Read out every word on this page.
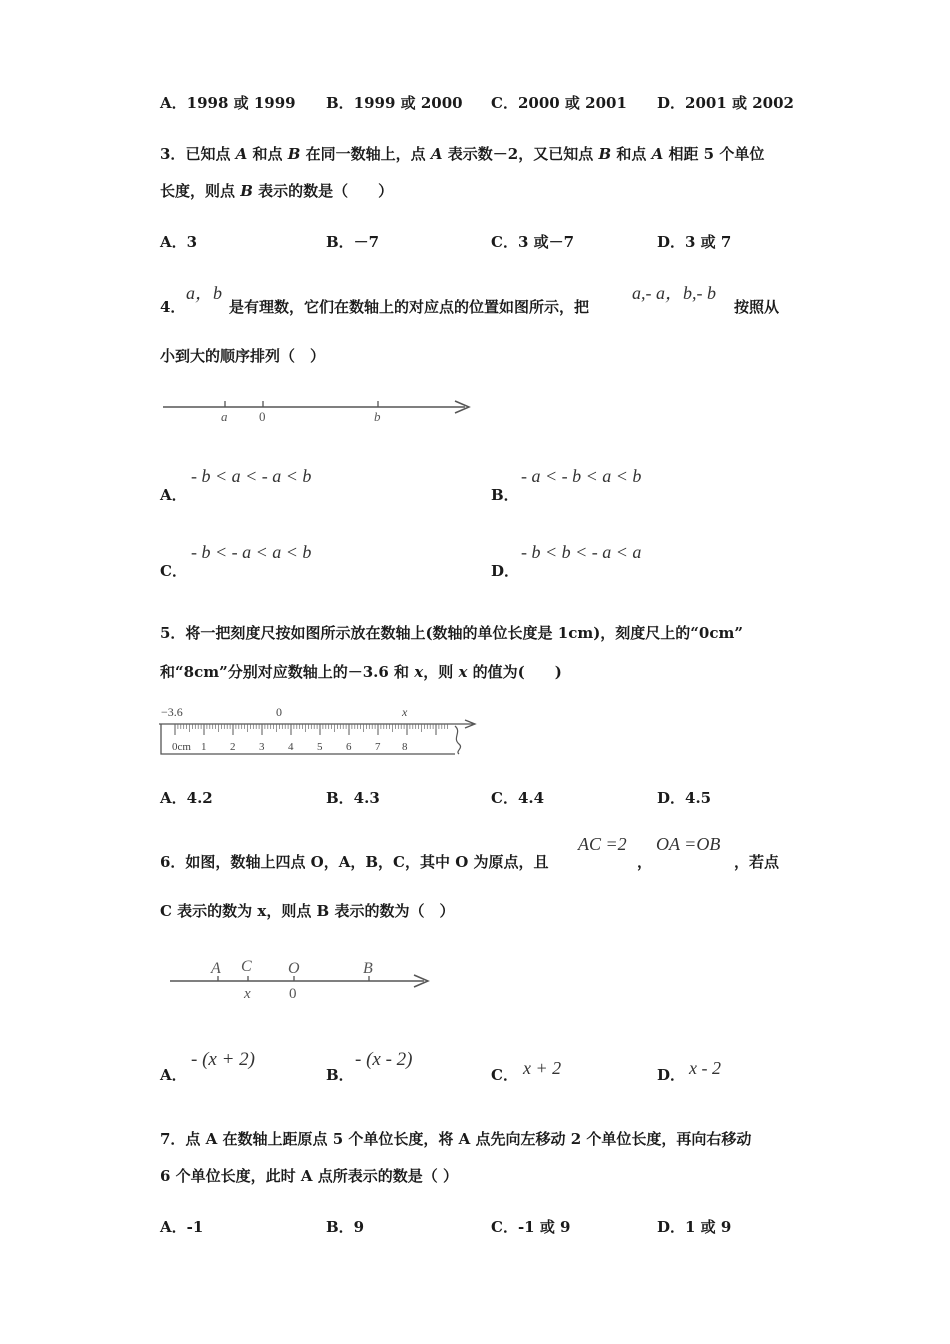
A．1998 或 1999 B．1999 或 2000 C．2000 或 2001 D．2001 或 2002
3．已知点 A 和点 B 在同一数轴上，点 A 表示数－2，又已知点 B 和点 A 相距 5 个单位
长度，则点 B 表示的数是（　　）
A．3	B．－7	C．3 或－7	D．3 或 7
4．
a，b
是有理数，它们在数轴上的对应点的位置如图所示，把
a,- a，b,- b
按照从
小到大的顺序排列（　）
a 0	b
A．
- b < a < - a < b
B．
- a < - b < a < b
C．
- b < - a < a < b
D．
- b < b < - a < a
5．将一把刻度尺按如图所示放在数轴上(数轴的单位长度是 1cm)，刻度尺上的“0cm”
和“8cm”分别对应数轴上的－3.6 和 x，则 x 的值为(　　)
−3.6	0	x
0cm 1 2 3 4 5 6 7 8
A．4.2	B．4.3	C．4.4	D．4.5
6．如图，数轴上四点 O，A，B，C，其中 O 为原点，且
AC =2
，
OA =OB
，若点
C 表示的数为 x，则点 B 表示的数为（　）
A C O	B
x	0
A．
- (x + 2)
B．
- (x - 2)
C． x + 2	D． x - 2
7．点 A 在数轴上距原点 5 个单位长度，将 A 点先向左移动 2 个单位长度，再向右移动
6 个单位长度，此时 A 点所表示的数是（ ）
A．-1	B．9	C．-1 或 9	D．1 或 9
